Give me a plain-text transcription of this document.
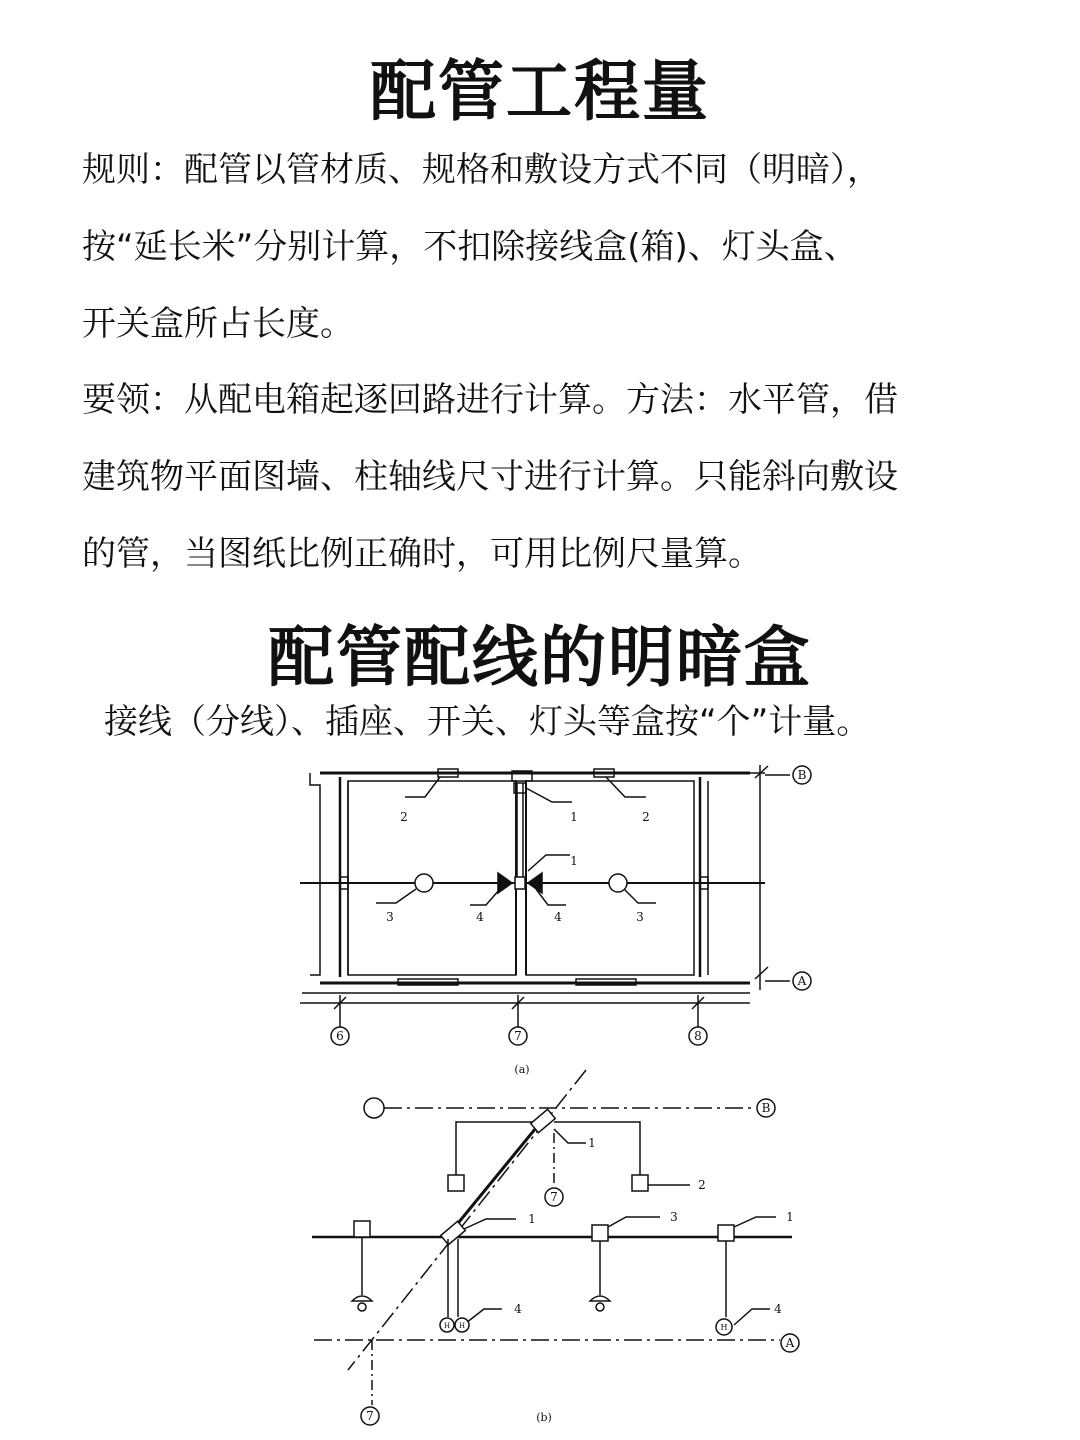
配管工程量
规则：配管以管材质、规格和敷设方式不同（明暗），
按“延长米”分别计算，不扣除接线盒(箱)、灯头盒、
开关盒所占长度。
要领：从配电箱起逐回路进行计算。方法：水平管，借
建筑物平面图墙、柱轴线尺寸进行计算。只能斜向敷设
的管，当图纸比例正确时，可用比例尺量算。
配管配线的明暗盒
接线（分线）、插座、开关、灯头等盒按“个”计量。
B
A
6	7	8
2	1	2
1
3	4	4	3
(a)
B
A
7
7
1
2
1	3	1
4	4
H H	H
(b)
